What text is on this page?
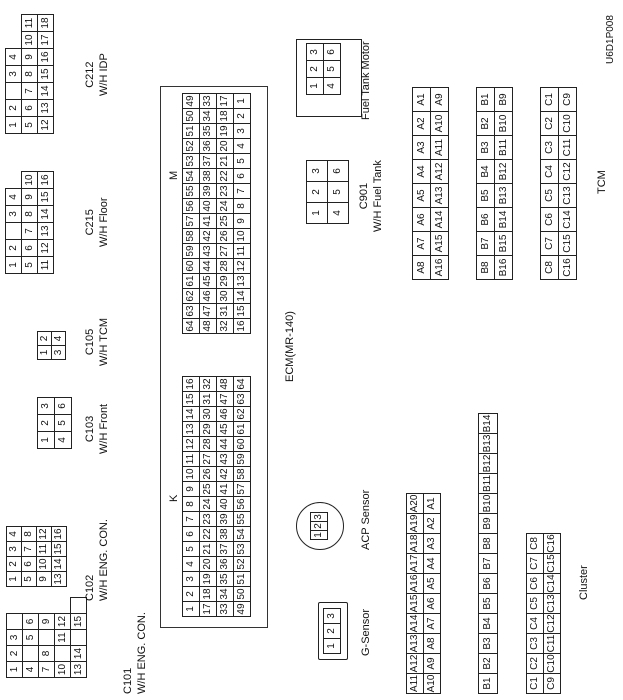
1	2	3		
4		5	6	
7	8		9	
10		11	12	
13	14		15	
C101 W/H ENG. CON.
1	2	3	4
5	6	7	8
9	10	11	12
13	14	15	16
C102 W/H ENG. CON.
1	2	3
4	5	6
C103 W/H Front
1	2
3	4 C105 W/H TCM
1	2		3	4	
5	6	7	8	9	10
11	12	13	14	15	16
C215 W/H Floor
1	2		3	4		
5	6	7	8	9	10	11
12	13	14	15	16	17	18
C212 W/H IDP
K
M
1	2	3	4	5	6	7	8	9	10	11	12	13	14	15	16
17	18	19	20	21	22	23	24	25	26	27	28	29	30	31	32
33	34	35	36	37	38	39	40	41	42	43	44	45	46	47	48
49	50	51	52	53	54	55	56	57	58	59	60	61	62	63	64
64	63	62	61	60	59	58	57	56	55	54	53	52	51	50	49
48	47	46	45	44	43	42	41	40	39	38	37	36	35	34	33
32	31	30	29	28	27	26	25	24	23	22	21	20	19	18	17
16	15	14	13	12	11	10	9	8	7	6	5	4	3	2	1
ECM(MR-140)
1	2	3
4	5	6
C901 W/H Fuel Tank
1	2	3
4	5	6 Fuel Tank Motor
1	2	3 G-Sensor
1	2	3	ACP Sensor
A11	A12	A13	A14	A15	A16	A17	A18	A19	A20
A10	A9	A8	A7	A6	A5	A4	A3	A2	A1
B1	B2	B3	B4	B5	B6	B7	B8	B9	B10	B11	B12	B13	B14
C1	C2	C3	C4	C5	C6	C7	C8
C9	C10	C11	C12	C13	C14	C15	C16
Cluster
A8	A7	A6	A5	A4	A3	A2	A1
A16	A15	A14	A13	A12	A11	A10	A9
B8	B7	B6	B5	B4	B3	B2	B1
B16	B15	B14	B13	B12	B11	B10	B9
C8	C7	C6	C5	C4	C3	C2	C1
C16	C15	C14	C13	C12	C11	C10	C9
TCM
U6D1P008
